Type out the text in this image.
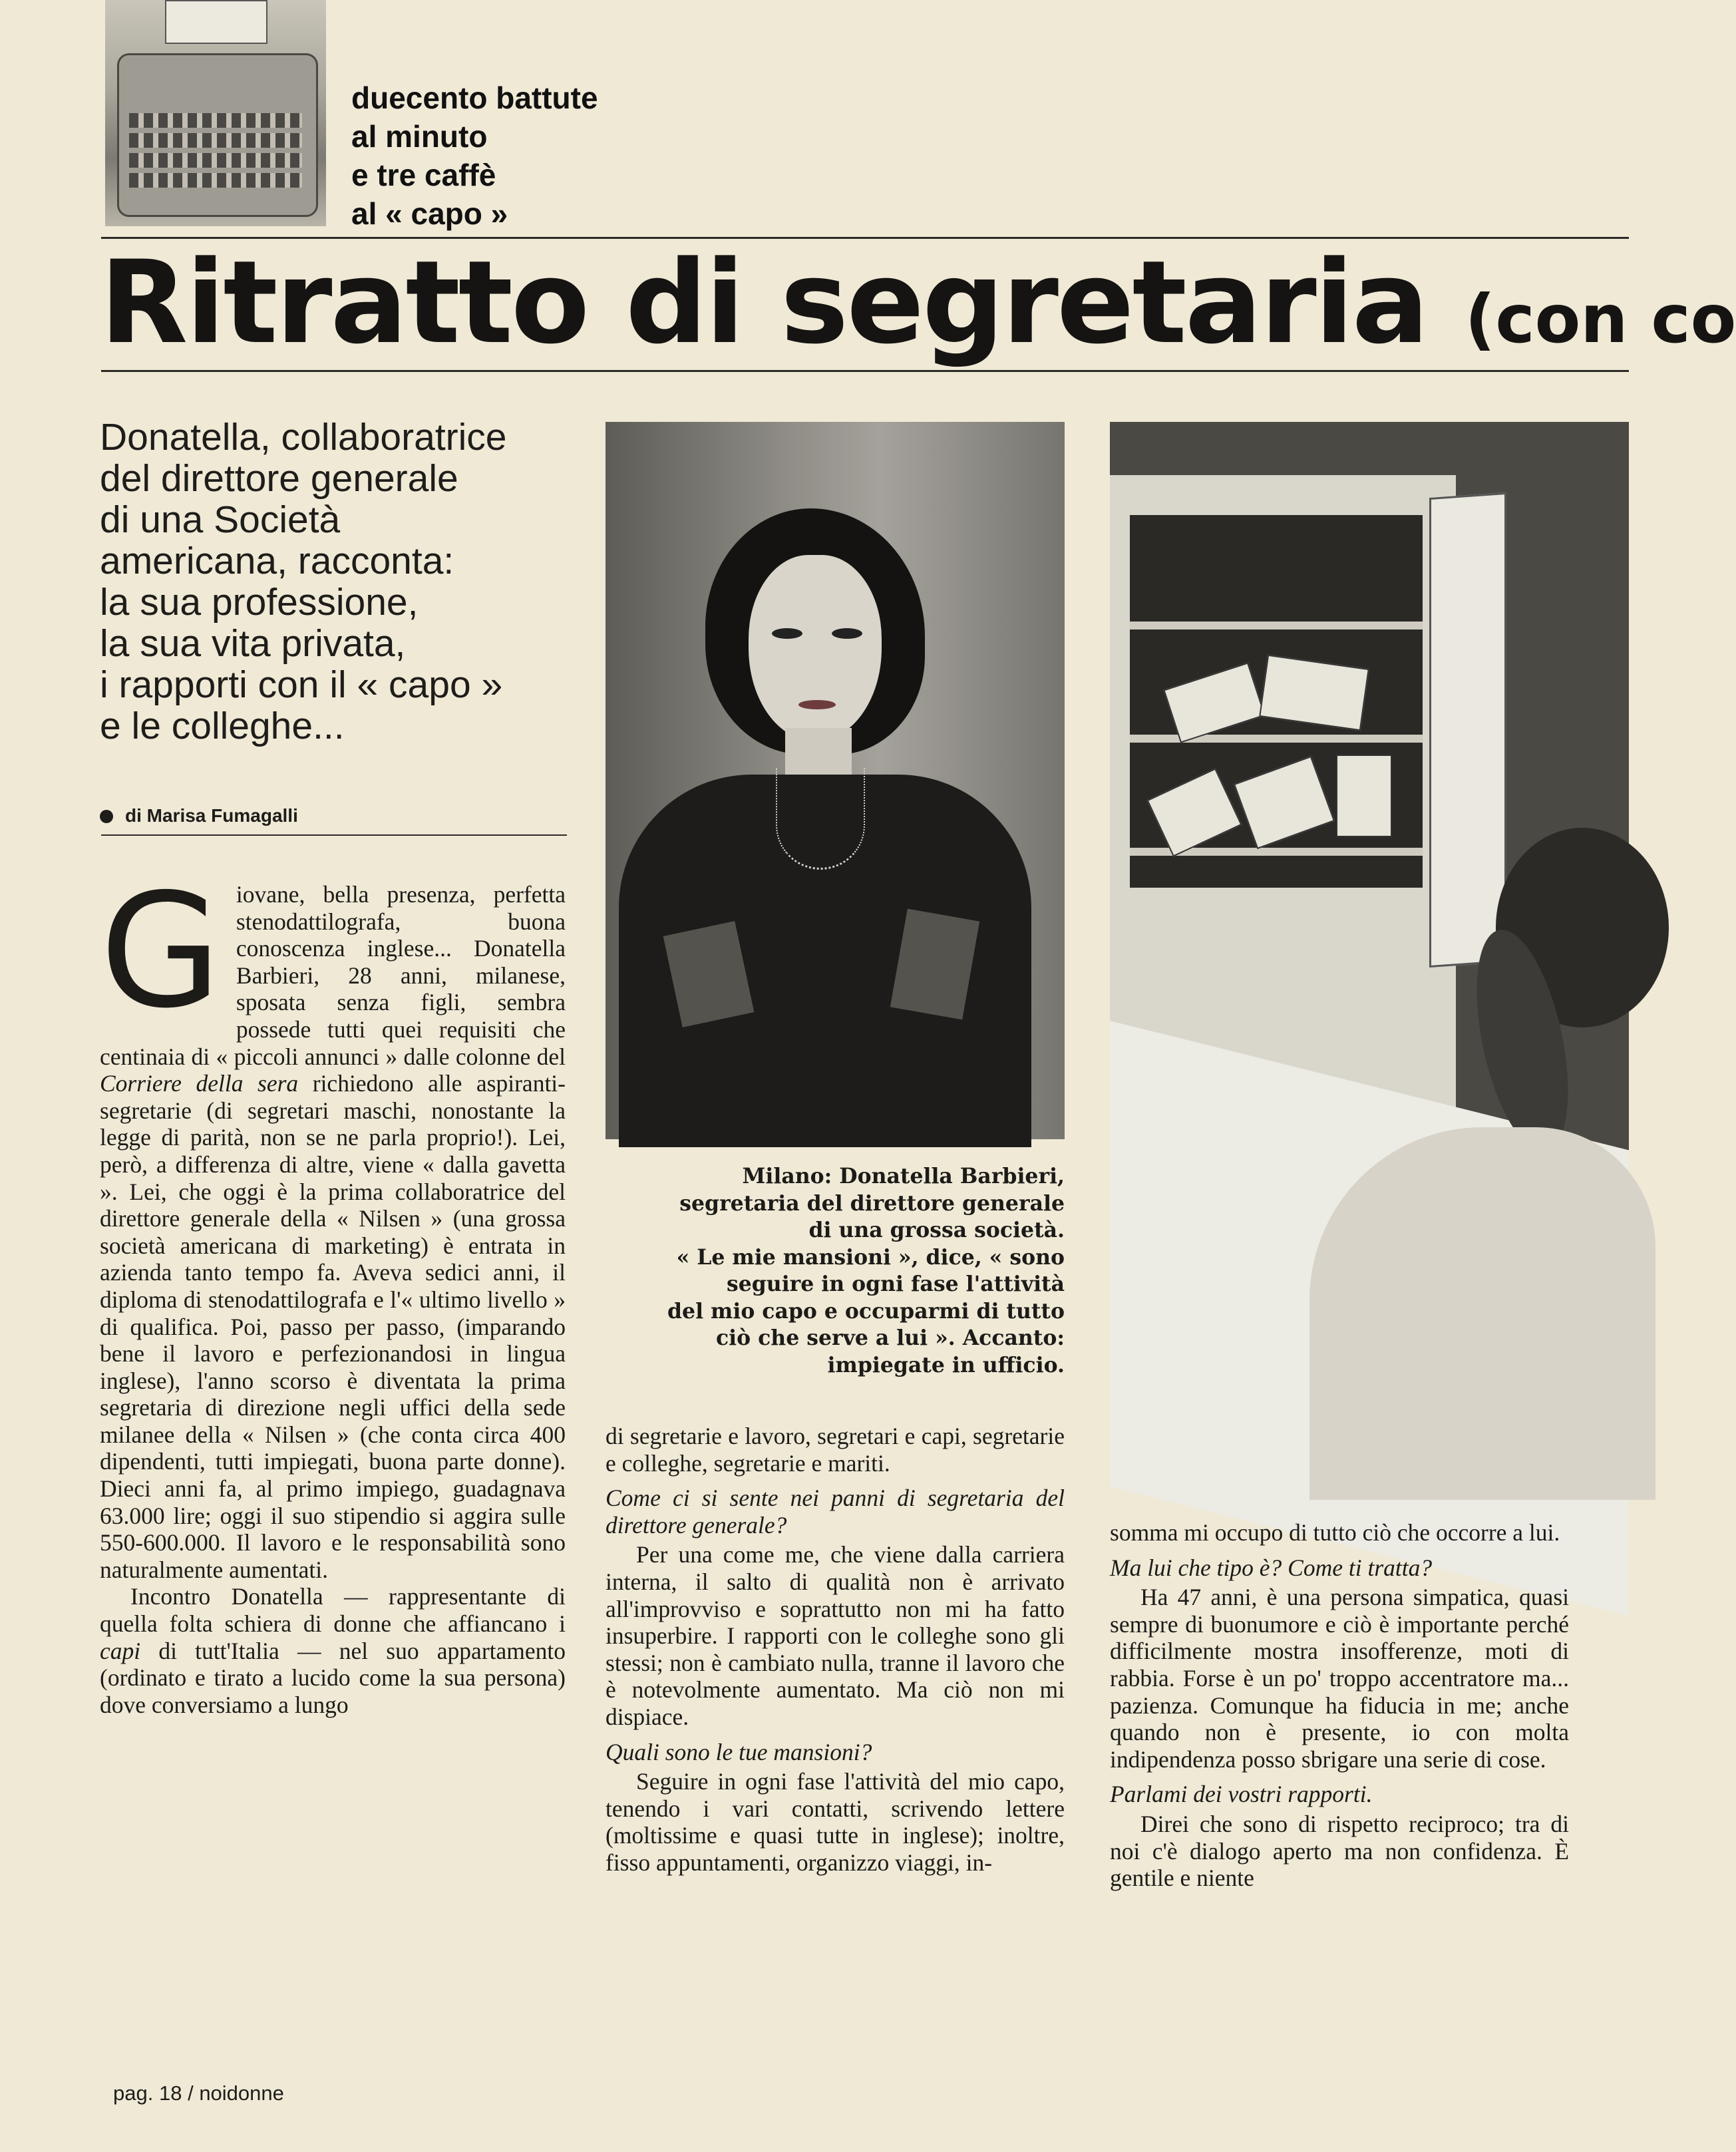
duecento battute
al minuto
e tre caffè
al « capo »
Ritratto di segretaria (con co
Donatella, collaboratrice
del direttore generale
di una Società
americana, racconta:
la sua professione,
la sua vita privata,
i rapporti con il « capo »
e le colleghe...
di Marisa Fumagalli
G iovane, bella presenza, perfetta stenodattilografa, buona conoscenza inglese... Donatella Barbieri, 28 anni, milanese, sposata senza figli, sembra possede tutti quei requisiti che centinaia di « piccoli annunci » dalle colonne del Corriere della sera richiedono alle aspiranti-segretarie (di segretari maschi, nonostante la legge di parità, non se ne parla proprio!). Lei, però, a differenza di altre, viene « dalla gavetta ». Lei, che oggi è la prima collaboratrice del direttore generale della « Nilsen » (una grossa società americana di marketing) è entrata in azienda tanto tempo fa. Aveva sedici anni, il diploma di stenodattilografa e l'« ultimo livello » di qualifica. Poi, passo per passo, (imparando bene il lavoro e perfezionandosi in lingua inglese), l'anno scorso è diventata la prima segretaria di direzione negli uffici della sede milanee della « Nilsen » (che conta circa 400 dipendenti, tutti impiegati, buona parte donne). Dieci anni fa, al primo impiego, guadagnava 63.000 lire; oggi il suo stipendio si aggira sulle 550-600.000. Il lavoro e le responsabilità sono naturalmente aumentati.

Incontro Donatella — rappresentante di quella folta schiera di donne che affiancano i capi di tutt'Italia — nel suo appartamento (ordinato e tirato a lucido come la sua persona) dove conversiamo a lungo

Milano: Donatella Barbieri,
segretaria del direttore generale
di una grossa società.
« Le mie mansioni », dice, « sono
seguire in ogni fase l'attività
del mio capo e occuparmi di tutto
ciò che serve a lui ». Accanto:
impiegate in ufficio.

di segretarie e lavoro, segretari e capi, segretarie e colleghe, segretarie e mariti.

Come ci si sente nei panni di segretaria del direttore generale?

Per una come me, che viene dalla carriera interna, il salto di qualità non è arrivato all'improvviso e soprattutto non mi ha fatto insuperbire. I rapporti con le colleghe sono gli stessi; non è cambiato nulla, tranne il lavoro che è notevolmente aumentato. Ma ciò non mi dispiace.

Quali sono le tue mansioni?

Seguire in ogni fase l'attività del mio capo, tenendo i vari contatti, scrivendo lettere (moltissime e quasi tutte in inglese); inoltre, fisso appuntamenti, organizzo viaggi, in-

somma mi occupo di tutto ciò che occorre a lui.

Ma lui che tipo è? Come ti tratta?

Ha 47 anni, è una persona simpatica, quasi sempre di buonumore e ciò è importante perché difficilmente mostra insofferenze, moti di rabbia. Forse è un po' troppo accentratore ma... pazienza. Comunque ha fiducia in me; anche quando non è presente, io con molta indipendenza posso sbrigare una serie di cose.

Parlami dei vostri rapporti.

Direi che sono di rispetto reciproco; tra di noi c'è dialogo aperto ma non confidenza. È gentile e niente

pag. 18 / noidonne
